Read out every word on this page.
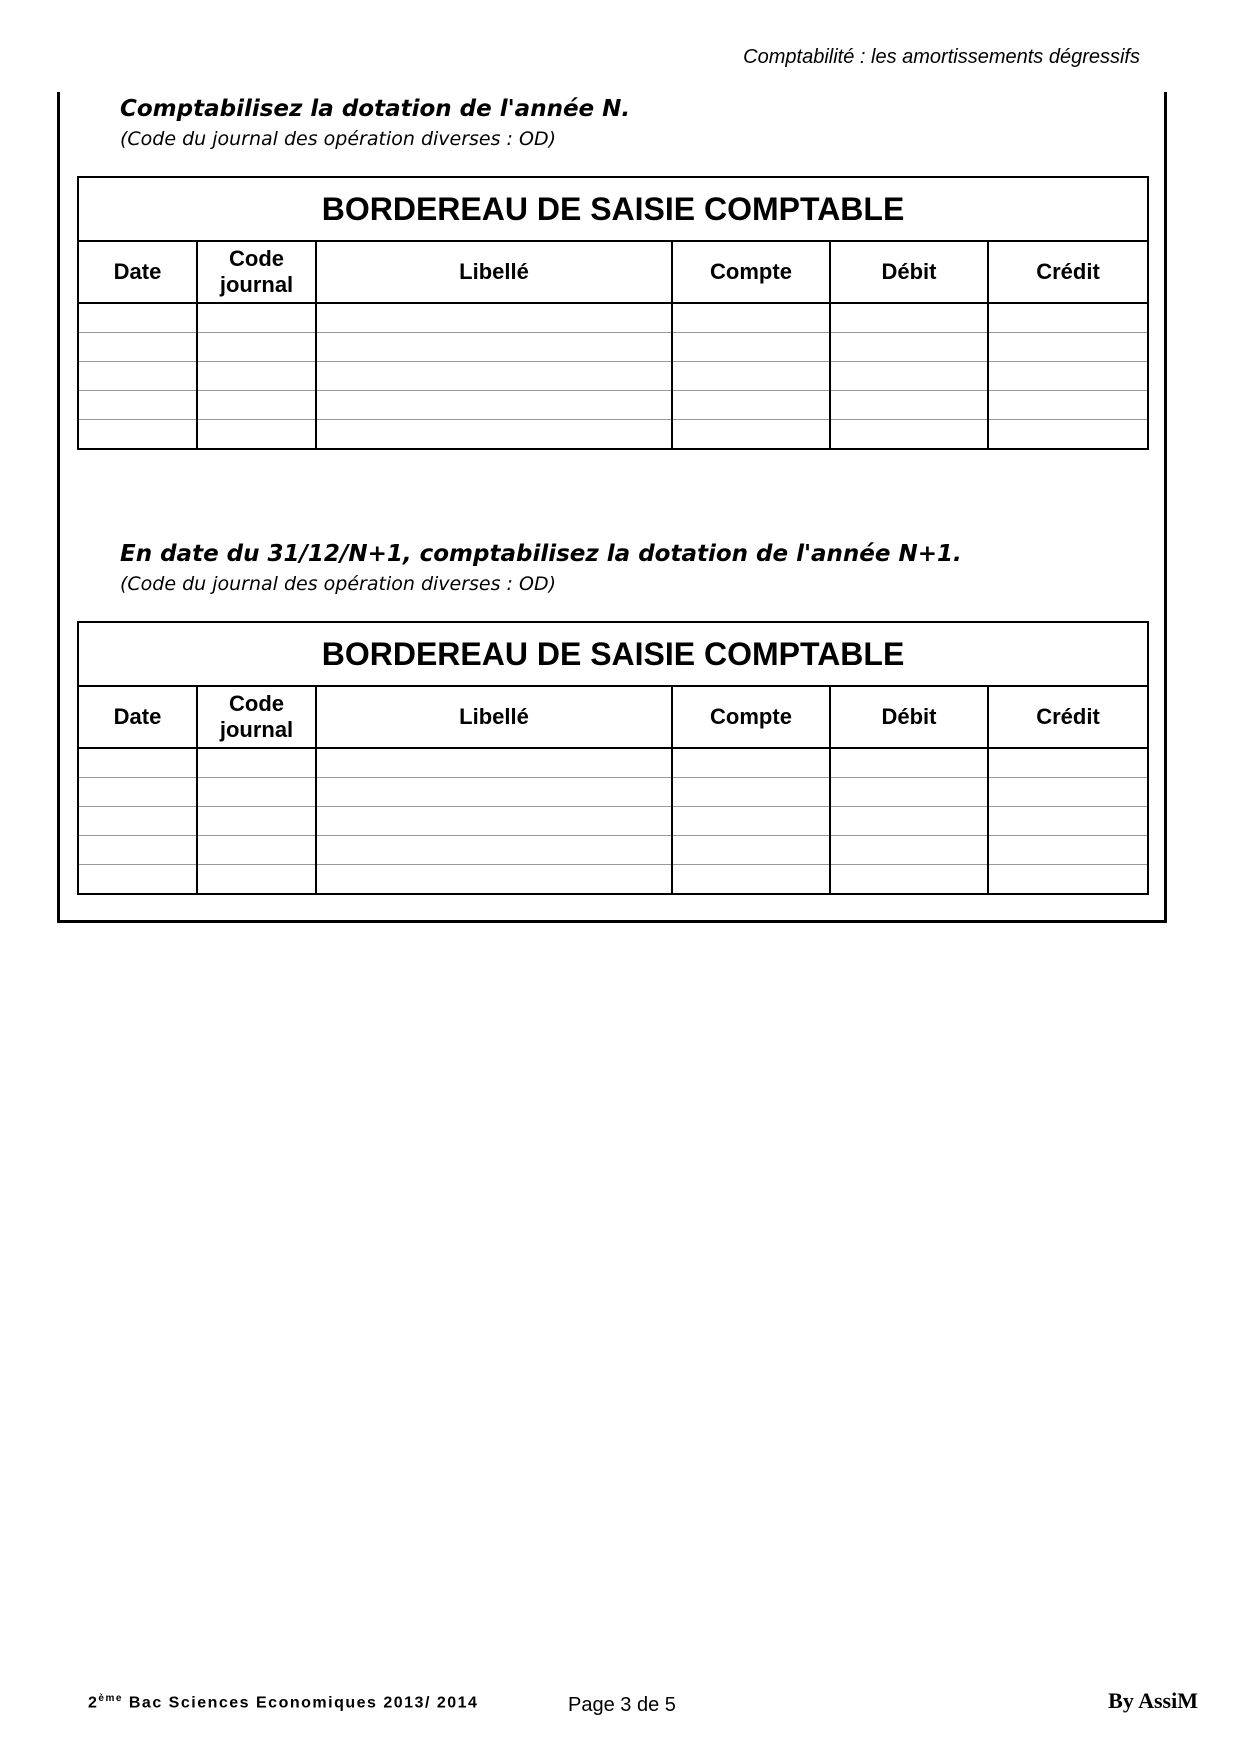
Comptabilité : les amortissements dégressifs
Comptabilisez la dotation de l'année N.
(Code du journal des opération diverses : OD)
BORDEREAU DE SAISIE COMPTABLE					
Date	Code journal	Libellé	Compte	Débit	Crédit

En date du 31/12/N+1, comptabilisez la dotation de l'année N+1.
(Code du journal des opération diverses : OD)
BORDEREAU DE SAISIE COMPTABLE					
Date	Code journal	Libellé	Compte	Débit	Crédit

2ème Bac Sciences Economiques 2013/ 2014	Page 3 de 5	By AssiM
